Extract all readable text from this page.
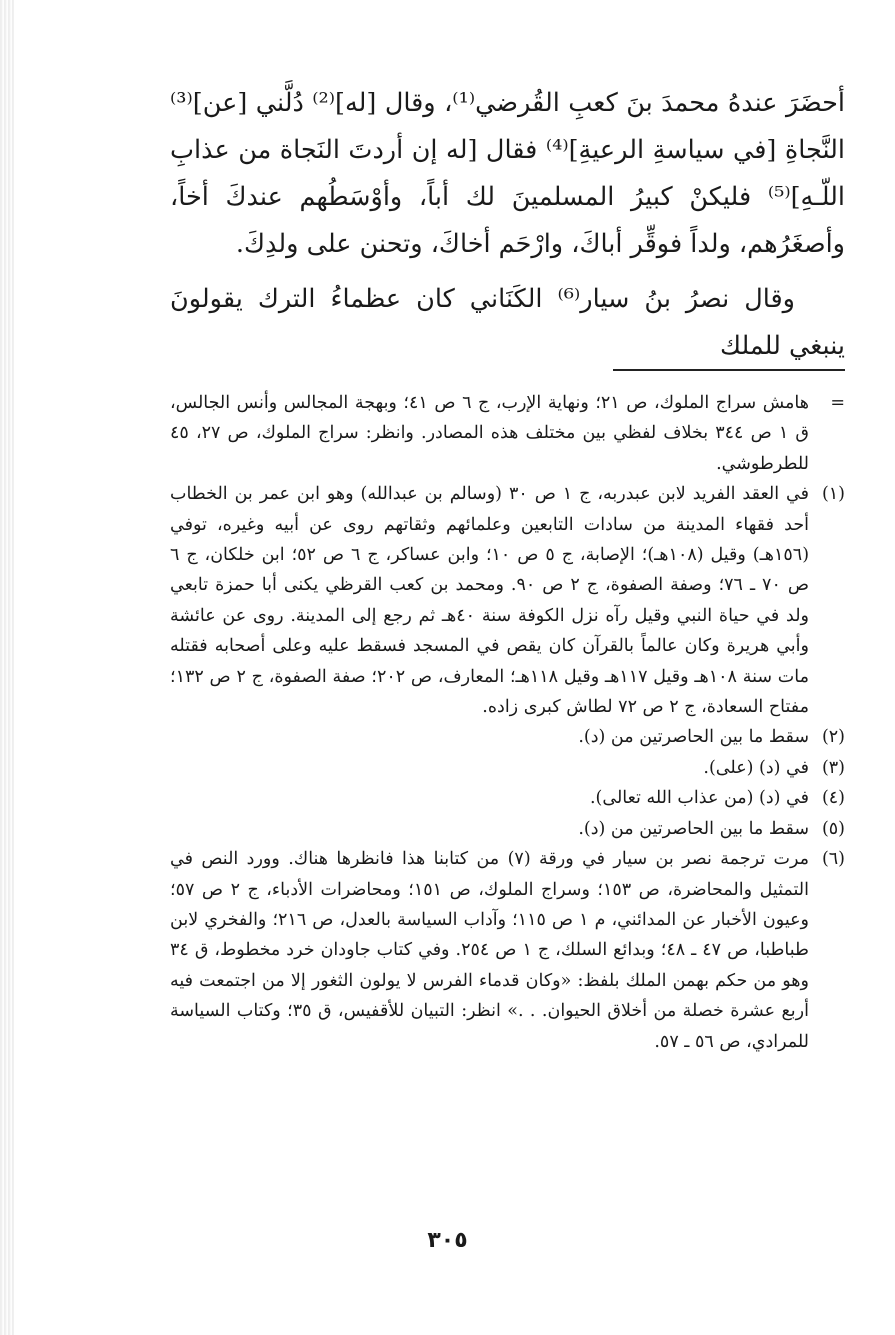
أحضَرَ عندهُ محمدَ بنَ كعبِ القُرضي⁽¹⁾، وقال [له]⁽²⁾ دُلَّني [عن]⁽³⁾ النَّجاةِ [في سياسةِ الرعيةِ]⁽⁴⁾ فقال [له إن أردتَ النَجاة من عذابِ اللّـهِ]⁽⁵⁾ فليكنْ كبيرُ المسلمينَ لك أباً، وأوْسَطُهم عندكَ أخاً، وأصغَرُهم، ولداً فوقِّر أباكَ، وارْحَم أخاكَ، وتحنن على ولدِكَ.

وقال نصرُ بنُ سيار⁽⁶⁾ الكَنَاني كان عظماءُ الترك يقولونَ ينبغي للملك

=
هامش سراج الملوك، ص ٢١؛ ونهاية الإرب، ج ٦ ص ٤١؛ وبهجة المجالس وأنس الجالس، ق ١ ص ٣٤٤ بخلاف لفظي بين مختلف هذه المصادر. وانظر: سراج الملوك، ص ٢٧، ٤٥ للطرطوشي.
(١)
في العقد الفريد لابن عبدربه، ج ١ ص ٣٠ (وسالم بن عبدالله) وهو ابن عمر بن الخطاب أحد فقهاء المدينة من سادات التابعين وعلمائهم وثقاتهم روى عن أبيه وغيره، توفي (١٥٦هـ) وقيل (١٠٨هـ)؛ الإصابة، ج ٥ ص ١٠؛ وابن عساكر، ج ٦ ص ٥٢؛ ابن خلكان، ج ٦ ص ٧٠ ـ ٧٦؛ وصفة الصفوة، ج ٢ ص ٩٠. ومحمد بن كعب القرظي يكنى أبا حمزة تابعي ولد في حياة النبي وقيل رآه نزل الكوفة سنة ٤٠هـ ثم رجع إلى المدينة. روى عن عائشة وأبي هريرة وكان عالماً بالقرآن كان يقص في المسجد فسقط عليه وعلى أصحابه فقتله مات سنة ١٠٨هـ وقيل ١١٧هـ وقيل ١١٨هـ؛ المعارف، ص ٢٠٢؛ صفة الصفوة، ج ٢ ص ١٣٢؛ مفتاح السعادة، ج ٢ ص ٧٢ لطاش كبرى زاده.
(٢)
سقط ما بين الحاصرتين من (د).
(٣)
في (د) (على).
(٤)
في (د) (من عذاب الله تعالى).
(٥)
سقط ما بين الحاصرتين من (د).
(٦)
مرت ترجمة نصر بن سيار في ورقة (٧) من كتابنا هذا فانظرها هناك. وورد النص في التمثيل والمحاضرة، ص ١٥٣؛ وسراج الملوك، ص ١٥١؛ ومحاضرات الأدباء، ج ٢ ص ٥٧؛ وعيون الأخبار عن المدائني، م ١ ص ١١٥؛ وآداب السياسة بالعدل، ص ٢١٦؛ والفخري لابن طباطبا، ص ٤٧ ـ ٤٨؛ وبدائع السلك، ج ١ ص ٢٥٤. وفي كتاب جاودان خرد مخطوط، ق ٣٤ وهو من حكم بهمن الملك بلفظ: «وكان قدماء الفرس لا يولون الثغور إلا من اجتمعت فيه أربع عشرة خصلة من أخلاق الحيوان. . .» انظر: التبيان للأقفيس، ق ٣٥؛ وكتاب السياسة للمرادي، ص ٥٦ ـ ٥٧.
٣٠٥
